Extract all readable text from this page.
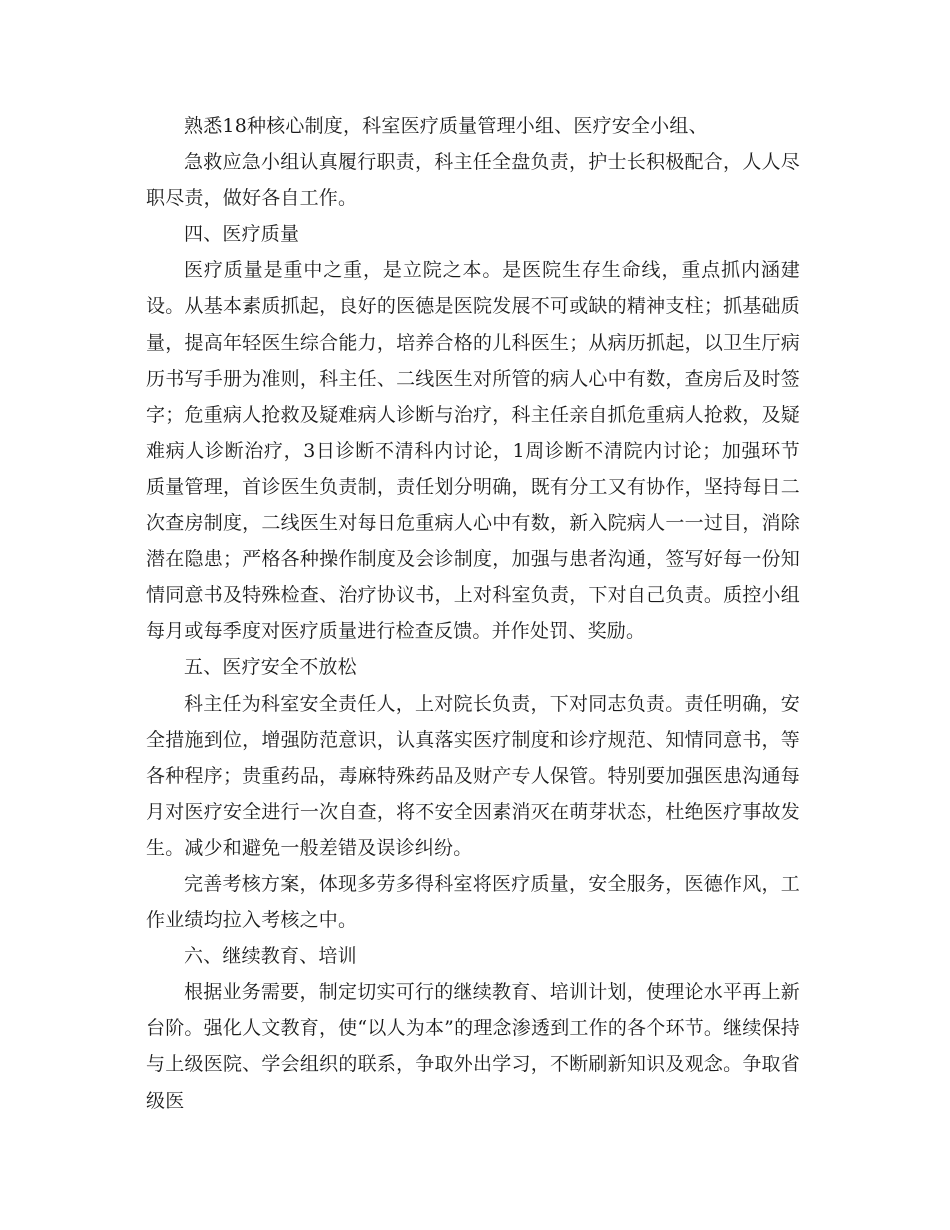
熟悉18种核心制度，科室医疗质量管理小组、医疗安全小组、

急救应急小组认真履行职责，科主任全盘负责，护士长积极配合，人人尽职尽责，做好各自工作。

四、医疗质量

医疗质量是重中之重，是立院之本。是医院生存生命线，重点抓内涵建设。从基本素质抓起，良好的医德是医院发展不可或缺的精神支柱；抓基础质量，提高年轻医生综合能力，培养合格的儿科医生；从病历抓起，以卫生厅病历书写手册为准则，科主任、二线医生对所管的病人心中有数，查房后及时签字；危重病人抢救及疑难病人诊断与治疗，科主任亲自抓危重病人抢救，及疑难病人诊断治疗，3日诊断不清科内讨论，1周诊断不清院内讨论；加强环节质量管理，首诊医生负责制，责任划分明确，既有分工又有协作，坚持每日二次查房制度，二线医生对每日危重病人心中有数，新入院病人一一过目，消除潜在隐患；严格各种操作制度及会诊制度，加强与患者沟通，签写好每一份知情同意书及特殊检查、治疗协议书，上对科室负责，下对自己负责。质控小组每月或每季度对医疗质量进行检查反馈。并作处罚、奖励。

五、医疗安全不放松

科主任为科室安全责任人，上对院长负责，下对同志负责。责任明确，安全措施到位，增强防范意识，认真落实医疗制度和诊疗规范、知情同意书，等各种程序；贵重药品，毒麻特殊药品及财产专人保管。特别要加强医患沟通每月对医疗安全进行一次自查，将不安全因素消灭在萌芽状态，杜绝医疗事故发生。减少和避免一般差错及误诊纠纷。

完善考核方案，体现多劳多得科室将医疗质量，安全服务，医德作风，工作业绩均拉入考核之中。

六、继续教育、培训

根据业务需要，制定切实可行的继续教育、培训计划，使理论水平再上新台阶。强化人文教育，使“以人为本”的理念渗透到工作的各个环节。继续保持与上级医院、学会组织的联系，争取外出学习，不断刷新知识及观念。争取省级医
